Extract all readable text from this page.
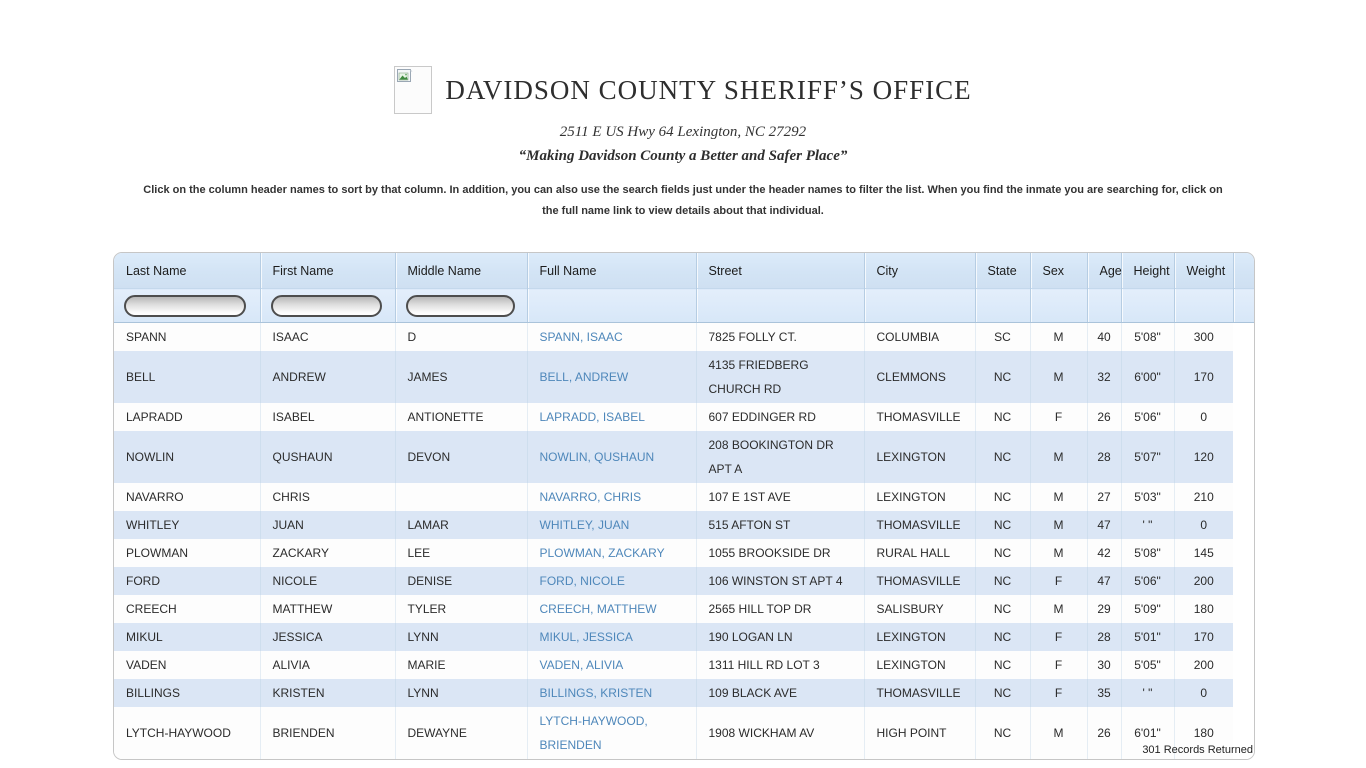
DAVIDSON COUNTY SHERIFF’S OFFICE
2511 E US Hwy 64 Lexington, NC 27292
“Making Davidson County a Better and Safer Place”

Click on the column header names to sort by that column. In addition, you can also use the search fields just under the header names to filter the list. When you find the inmate you are searching for, click on the full name link to view details about that individual.

Last Name	First Name	Middle Name	Full Name	Street	City	State	Sex	Age	Height	Weight	

SPANN	ISAAC	D	SPANN, ISAAC	7825 FOLLY CT.	COLUMBIA	SC	M	40	5'08"	300	
BELL	ANDREW	JAMES	BELL, ANDREW	4135 FRIEDBERG CHURCH RD	CLEMMONS	NC	M	32	6'00"	170	
LAPRADD	ISABEL	ANTIONETTE	LAPRADD, ISABEL	607 EDDINGER RD	THOMASVILLE	NC	F	26	5'06"	0	
NOWLIN	QUSHAUN	DEVON	NOWLIN, QUSHAUN	208 BOOKINGTON DR APT A	LEXINGTON	NC	M	28	5'07"	120	
NAVARRO	CHRIS		NAVARRO, CHRIS	107 E 1ST AVE	LEXINGTON	NC	M	27	5'03"	210	
WHITLEY	JUAN	LAMAR	WHITLEY, JUAN	515 AFTON ST	THOMASVILLE	NC	M	47	' "	0	
PLOWMAN	ZACKARY	LEE	PLOWMAN, ZACKARY	1055 BROOKSIDE DR	RURAL HALL	NC	M	42	5'08"	145	
FORD	NICOLE	DENISE	FORD, NICOLE	106 WINSTON ST APT 4	THOMASVILLE	NC	F	47	5'06"	200	
CREECH	MATTHEW	TYLER	CREECH, MATTHEW	2565 HILL TOP DR	SALISBURY	NC	M	29	5'09"	180	
MIKUL	JESSICA	LYNN	MIKUL, JESSICA	190 LOGAN LN	LEXINGTON	NC	F	28	5'01"	170	
VADEN	ALIVIA	MARIE	VADEN, ALIVIA	1311 HILL RD LOT 3	LEXINGTON	NC	F	30	5'05"	200	
BILLINGS	KRISTEN	LYNN	BILLINGS, KRISTEN	109 BLACK AVE	THOMASVILLE	NC	F	35	' "	0	
LYTCH-HAYWOOD	BRIENDEN	DEWAYNE	LYTCH-HAYWOOD, BRIENDEN	1908 WICKHAM AV	HIGH POINT	NC	M	26	6'01"	180	
301 Records Returned
